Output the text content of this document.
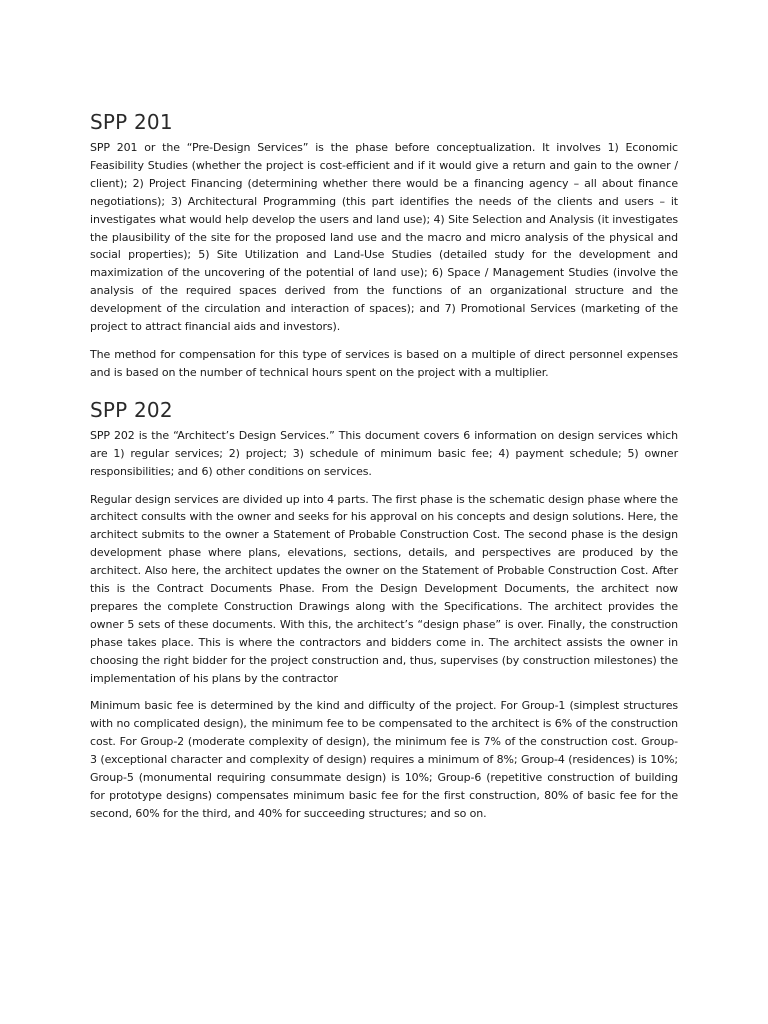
SPP 201

SPP 201 or the “Pre-Design Services” is the phase before conceptualization. It involves 1) Economic Feasibility Studies (whether the project is cost-efficient and if it would give a return and gain to the owner / client); 2) Project Financing (determining whether there would be a financing agency – all about finance negotiations); 3) Architectural Programming (this part identifies the needs of the clients and users – it investigates what would help develop the users and land use); 4) Site Selection and Analysis (it investigates the plausibility of the site for the proposed land use and the macro and micro analysis of the physical and social properties); 5) Site Utilization and Land-Use Studies (detailed study for the development and maximization of the uncovering of the potential of land use); 6) Space / Management Studies (involve the analysis of the required spaces derived from the functions of an organizational structure and the development of the circulation and interaction of spaces); and 7) Promotional Services (marketing of the project to attract financial aids and investors).

The method for compensation for this type of services is based on a multiple of direct personnel expenses and is based on the number of technical hours spent on the project with a multiplier.

SPP 202

SPP 202 is the “Architect’s Design Services.” This document covers 6 information on design services which are 1) regular services; 2) project; 3) schedule of minimum basic fee; 4) payment schedule; 5) owner responsibilities; and 6) other conditions on services.

Regular design services are divided up into 4 parts. The first phase is the schematic design phase where the architect consults with the owner and seeks for his approval on his concepts and design solutions. Here, the architect submits to the owner a Statement of Probable Construction Cost. The second phase is the design development phase where plans, elevations, sections, details, and perspectives are produced by the architect. Also here, the architect updates the owner on the Statement of Probable Construction Cost. After this is the Contract Documents Phase. From the Design Development Documents, the architect now prepares the complete Construction Drawings along with the Specifications. The architect provides the owner 5 sets of these documents. With this, the architect’s “design phase” is over. Finally, the construction phase takes place. This is where the contractors and bidders come in. The architect assists the owner in choosing the right bidder for the project construction and, thus, supervises (by construction milestones) the implementation of his plans by the contractor

Minimum basic fee is determined by the kind and difficulty of the project. For Group-1 (simplest structures with no complicated design), the minimum fee to be compensated to the architect is 6% of the construction cost. For Group-2 (moderate complexity of design), the minimum fee is 7% of the construction cost. Group-3 (exceptional character and complexity of design) requires a minimum of 8%; Group-4 (residences) is 10%; Group-5 (monumental requiring consummate design) is 10%; Group-6 (repetitive construction of building for prototype designs) compensates minimum basic fee for the first construction, 80% of basic fee for the second, 60% for the third, and 40% for succeeding structures; and so on.
